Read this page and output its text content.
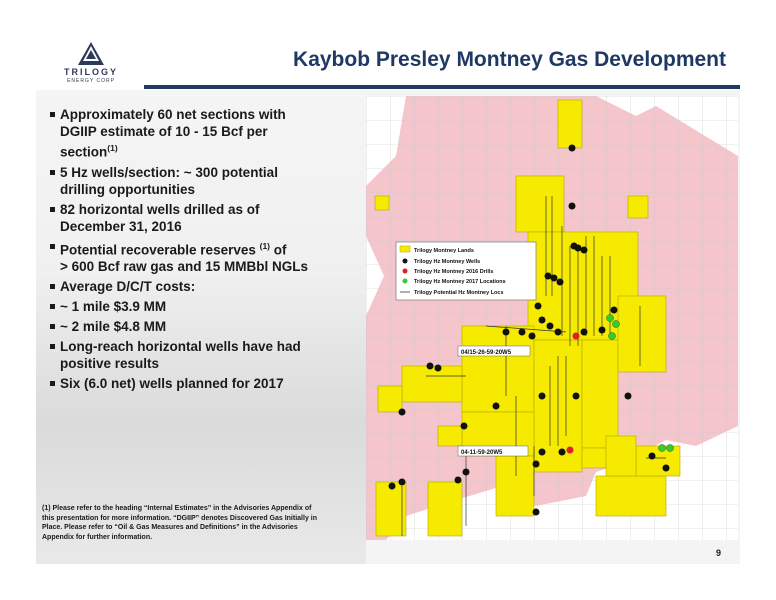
TRILOGY
ENERGY CORP
Kaybob Presley Montney Gas Development
Approximately 60 net sections with
DGIIP estimate of 10 - 15 Bcf per
section$^{(1)}$
5 Hz wells/section: ~ 300 potential
drilling opportunities
82 horizontal wells drilled as of
December 31, 2016
Potential recoverable reserves $^{(1)}$ of
> 600 Bcf raw gas and 15 MMBbl NGLs
Average D/C/T costs:
~ 1 mile $3.9 MM
~ 2 mile $4.8 MM
Long-reach horizontal wells have had
positive results
Six (6.0 net) wells planned for 2017
(1) Please refer to the heading “Internal Estimates” in the Advisories Appendix of
this presentation for more information. “DGIIP” denotes Discovered Gas Initially in
Place. Please refer to “Oil & Gas Measures and Definitions” in the Advisories
Appendix for further information.
Trilogy Montney Lands
Trilogy Hz Montney Wells
Trilogy Hz Montney 2016 Drills
Trilogy Hz Montney 2017 Locations
Trilogy Potential Hz Montney Locs
04/15-26-59-20W5
04-11-59-20W5
9
